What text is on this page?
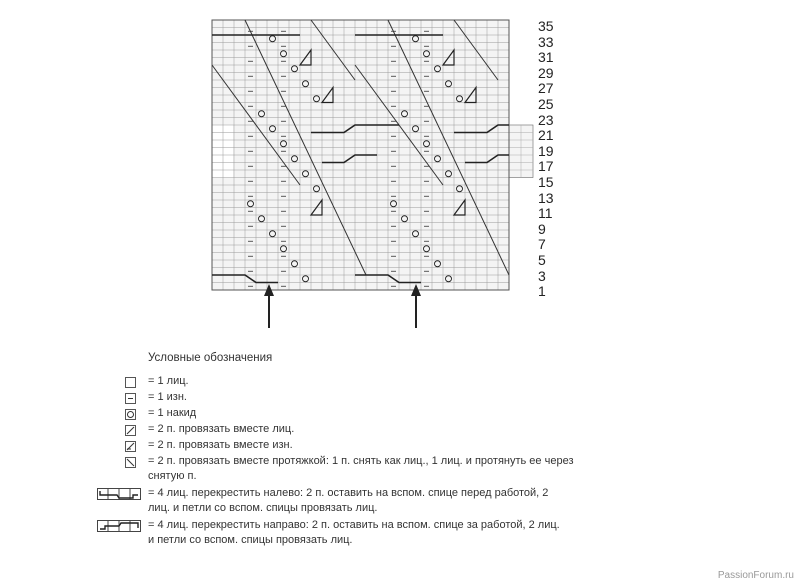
35
33
31
29
27
25
23
21
19
17
15
13
11
9
7
5
3
1
Условные обозначения
= 1 лиц.
= 1 изн.
= 1 накид
= 2 п. провязать вместе лиц.
= 2 п. провязать вместе изн.
= 2 п. провязать вместе протяжкой: 1 п. снять как лиц., 1 лиц. и протянуть ее через
снятую п.
= 4 лиц. перекрестить налево: 2 п. оставить на вспом. спице перед работой, 2
лиц. и петли со вспом. спицы провязать лиц.
= 4 лиц. перекрестить направо: 2 п. оставить на вспом. спице за работой, 2 лиц.
и петли со вспом. спицы провязать лиц.
PassionForum.ru
